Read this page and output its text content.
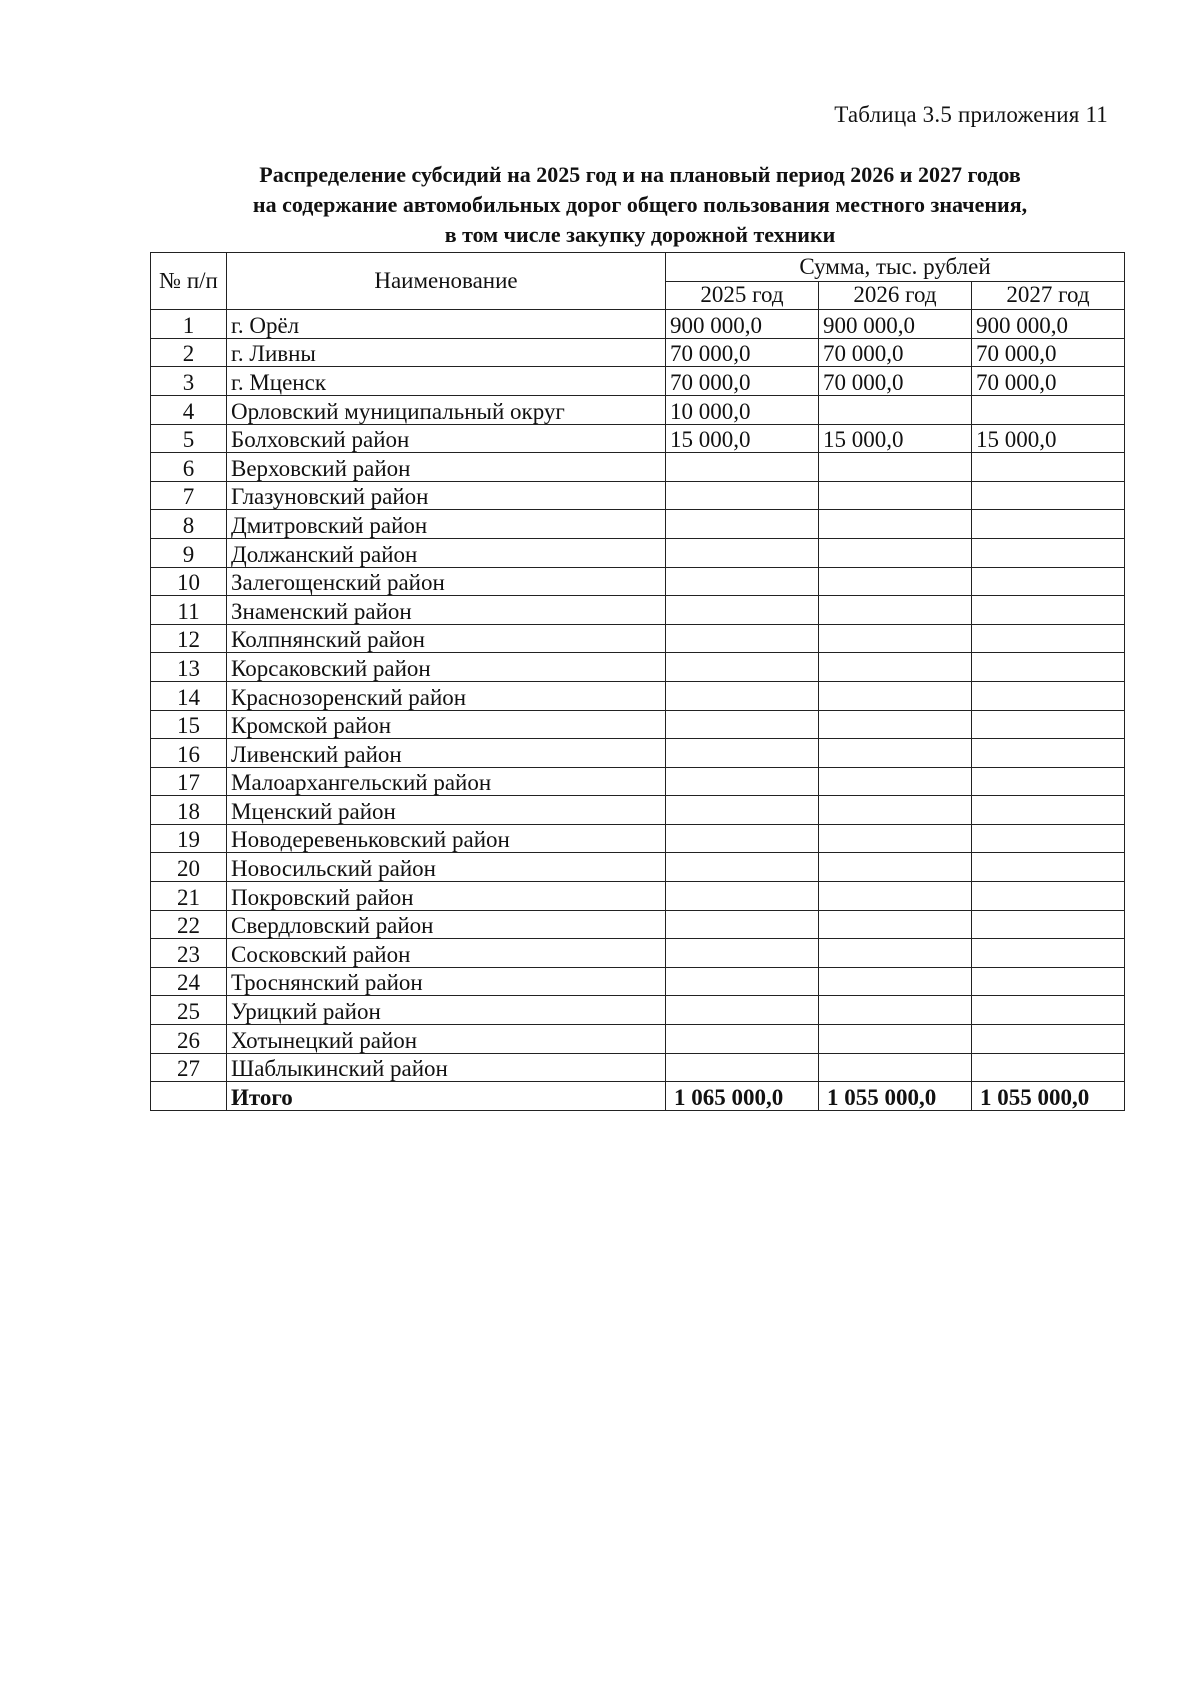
Таблица 3.5 приложения 11
Распределение субсидий на 2025 год и на плановый период 2026 и 2027 годов
на содержание автомобильных дорог общего пользования местного значения,
в том числе закупку дорожной техники
№ п/п	Наименование	Сумма, тыс. рублей		
		2025 год	2026 год	2027 год
1	г. Орёл	900 000,0	900 000,0	900 000,0
2	г. Ливны	70 000,0	70 000,0	70 000,0
3	г. Мценск	70 000,0	70 000,0	70 000,0
4	Орловский муниципальный округ	10 000,0		
5	Болховский район	15 000,0	15 000,0	15 000,0
6	Верховский район			
7	Глазуновский район			
8	Дмитровский район			
9	Должанский район			
10	Залегощенский район			
11	Знаменский район			
12	Колпнянский район			
13	Корсаковский район			
14	Краснозоренский район			
15	Кромской район			
16	Ливенский район			
17	Малоархангельский район			
18	Мценский район			
19	Новодеревеньковский район			
20	Новосильский район			
21	Покровский район			
22	Свердловский район			
23	Сосковский район			
24	Троснянский район			
25	Урицкий район			
26	Хотынецкий район			
27	Шаблыкинский район			
	Итого	1 065 000,0	1 055 000,0	1 055 000,0
